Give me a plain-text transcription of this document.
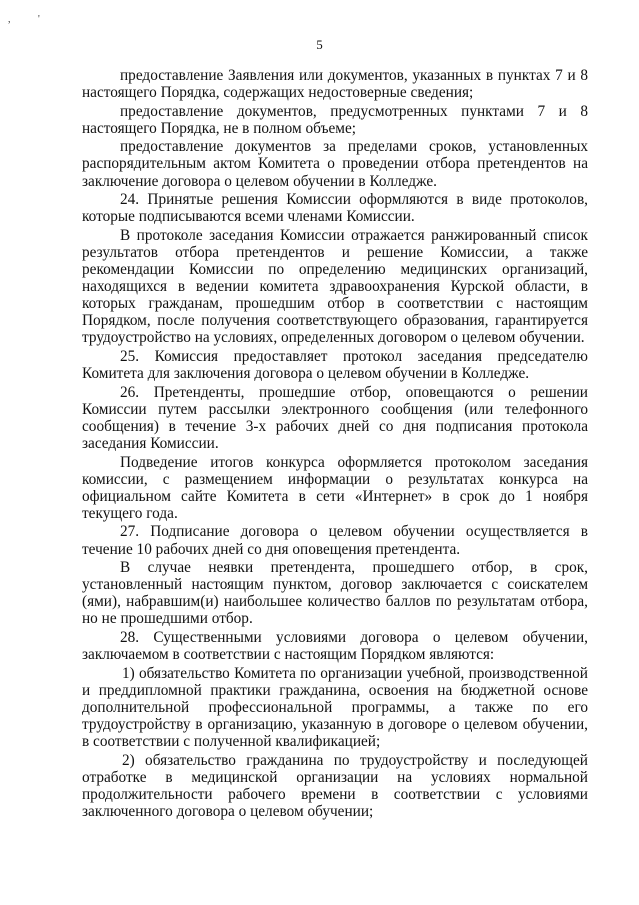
,	'
5

предоставление Заявления или документов, указанных в пунктах 7 и 8 настоящего Порядка, содержащих недостоверные сведения;

предоставление документов, предусмотренных пунктами 7 и 8 настоящего Порядка, не в полном объеме;

предоставление документов за пределами сроков, установленных распорядительным актом Комитета о проведении отбора претендентов на заключение договора о целевом обучении в Колледже.

24. Принятые решения Комиссии оформляются в виде протоколов, которые подписываются всеми членами Комиссии.

В протоколе заседания Комиссии отражается ранжированный список результатов отбора претендентов и решение Комиссии, а также рекомендации Комиссии по определению медицинских организаций, находящихся в ведении комитета здравоохранения Курской области, в которых гражданам, прошедшим отбор в соответствии с настоящим Порядком, после получения соответствующего образования, гарантируется трудоустройство на условиях, определенных договором о целевом обучении.

25. Комиссия предоставляет протокол заседания председателю Комитета для заключения договора о целевом обучении в Колледже.

26. Претенденты, прошедшие отбор, оповещаются о решении Комиссии путем рассылки электронного сообщения (или телефонного сообщения) в течение 3-х рабочих дней со дня подписания протокола заседания Комиссии.

Подведение итогов конкурса оформляется протоколом заседания комиссии, с размещением информации о результатах конкурса на официальном сайте Комитета в сети «Интернет» в срок до 1 ноября текущего года.

27. Подписание договора о целевом обучении осуществляется в течение 10 рабочих дней со дня оповещения претендента.

В случае неявки претендента, прошедшего отбор, в срок, установленный настоящим пунктом, договор заключается с соискателем (ями), набравшим(и) наибольшее количество баллов по результатам отбора, но не прошедшими отбор.

28. Существенными условиями договора о целевом обучении, заключаемом в соответствии с настоящим Порядком являются:

1) обязательство Комитета по организации учебной, производственной и преддипломной практики гражданина, освоения на бюджетной основе дополнительной профессиональной программы, а также по его трудоустройству в организацию, указанную в договоре о целевом обучении, в соответствии с полученной квалификацией;

2) обязательство гражданина по трудоустройству и последующей отработке в медицинской организации на условиях нормальной продолжительности рабочего времени в соответствии с условиями заключенного договора о целевом обучении;
